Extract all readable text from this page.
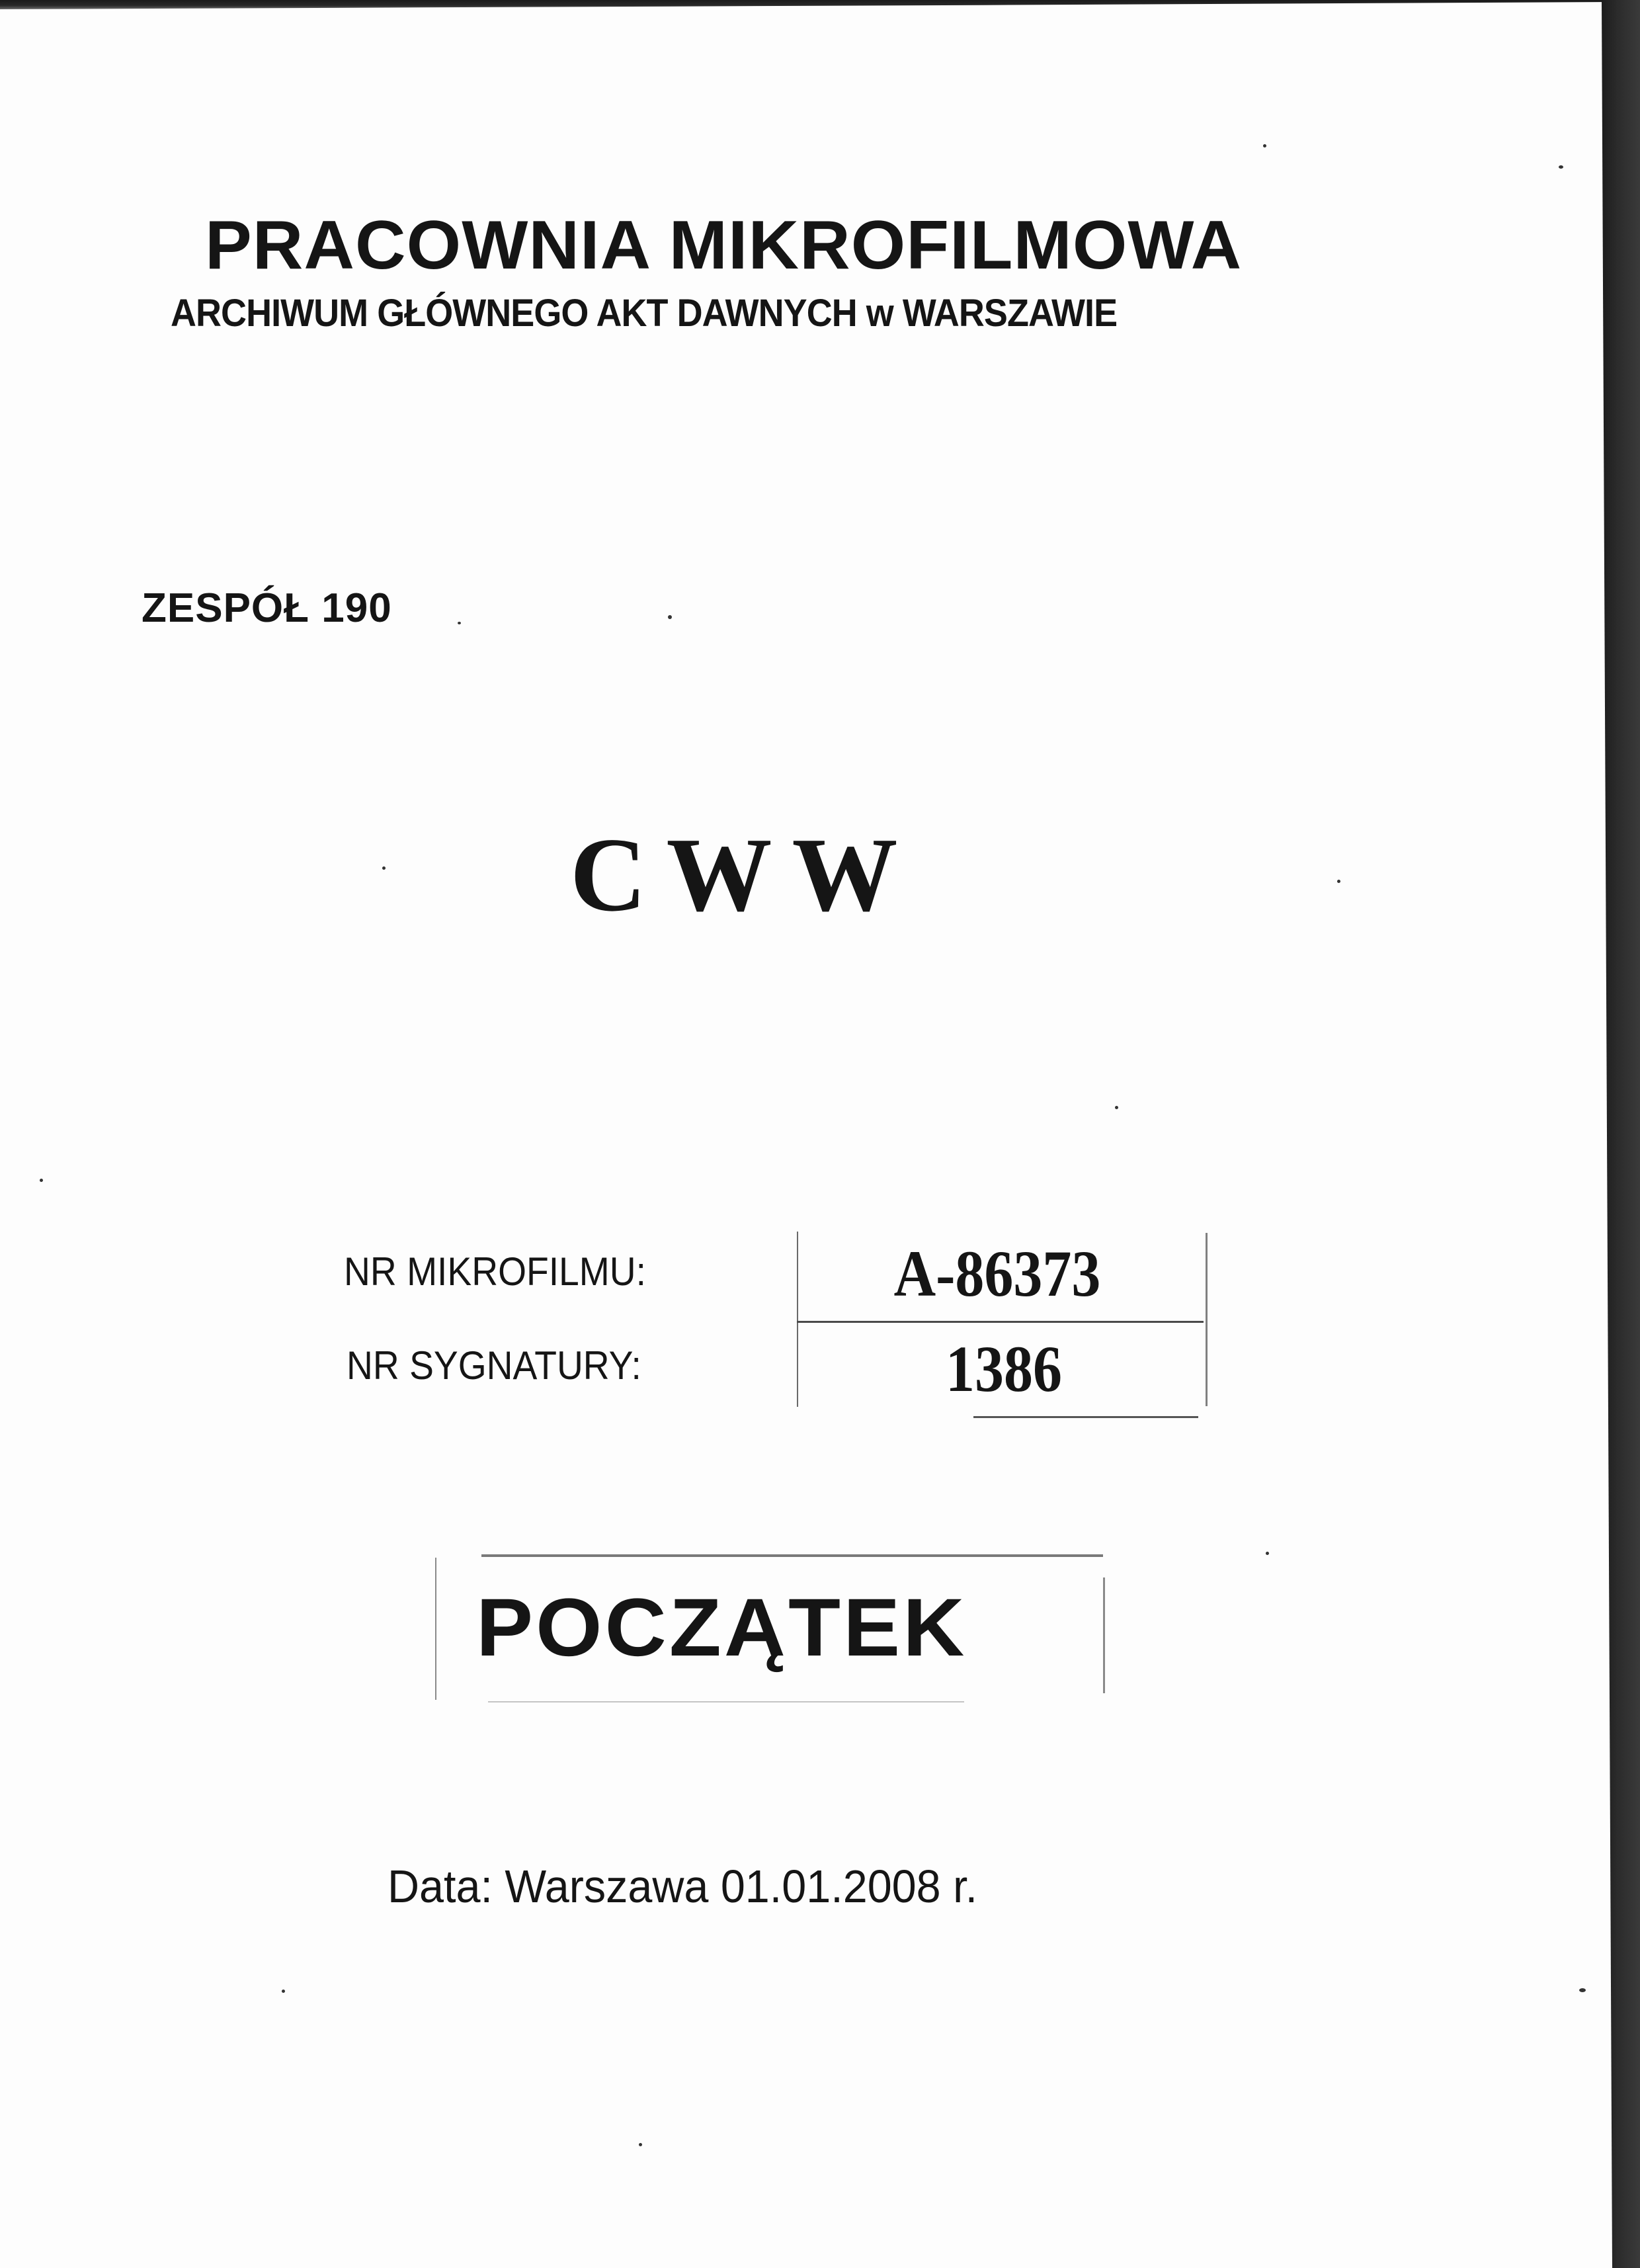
PRACOWNIA MIKROFILMOWA
ARCHIWUM GŁÓWNEGO AKT DAWNYCH w WARSZAWIE
ZESPÓŁ 190
CWW
NR MIKROFILMU:	A-86373
NR SYGNATURY:	1386
POCZĄTEK
Data: Warszawa 01.01.2008 r.
